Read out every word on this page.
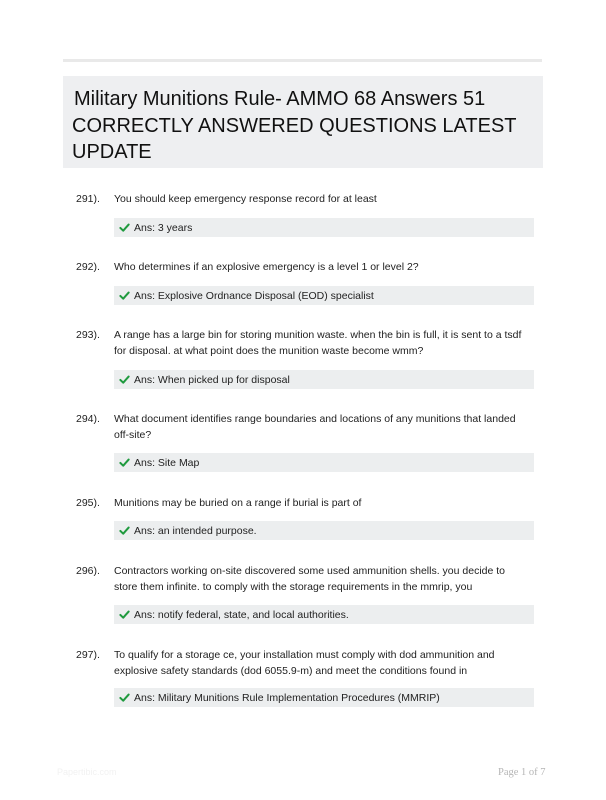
Military Munitions Rule- AMMO 68 Answers 51
CORRECTLY ANSWERED QUESTIONS LATEST
UPDATE
291). You should keep emergency response record for at least
Ans: 3 years
292). Who determines if an explosive emergency is a level 1 or level 2?
Ans: Explosive Ordnance Disposal (EOD) specialist
293). A range has a large bin for storing munition waste. when the bin is full, it is sent to a tsdf
for disposal. at what point does the munition waste become wmm?
Ans: When picked up for disposal
294). What document identifies range boundaries and locations of any munitions that landed
off-site?
Ans: Site Map
295). Munitions may be buried on a range if burial is part of
Ans: an intended purpose.
296). Contractors working on-site discovered some used ammunition shells. you decide to
store them infinite. to comply with the storage requirements in the mmrip, you
Ans: notify federal, state, and local authorities.
297). To qualify for a storage ce, your installation must comply with dod ammunition and
explosive safety standards (dod 6055.9-m) and meet the conditions found in
Ans: Military Munitions Rule Implementation Procedures (MMRIP)
Papertibic.com	Page 1 of 7
